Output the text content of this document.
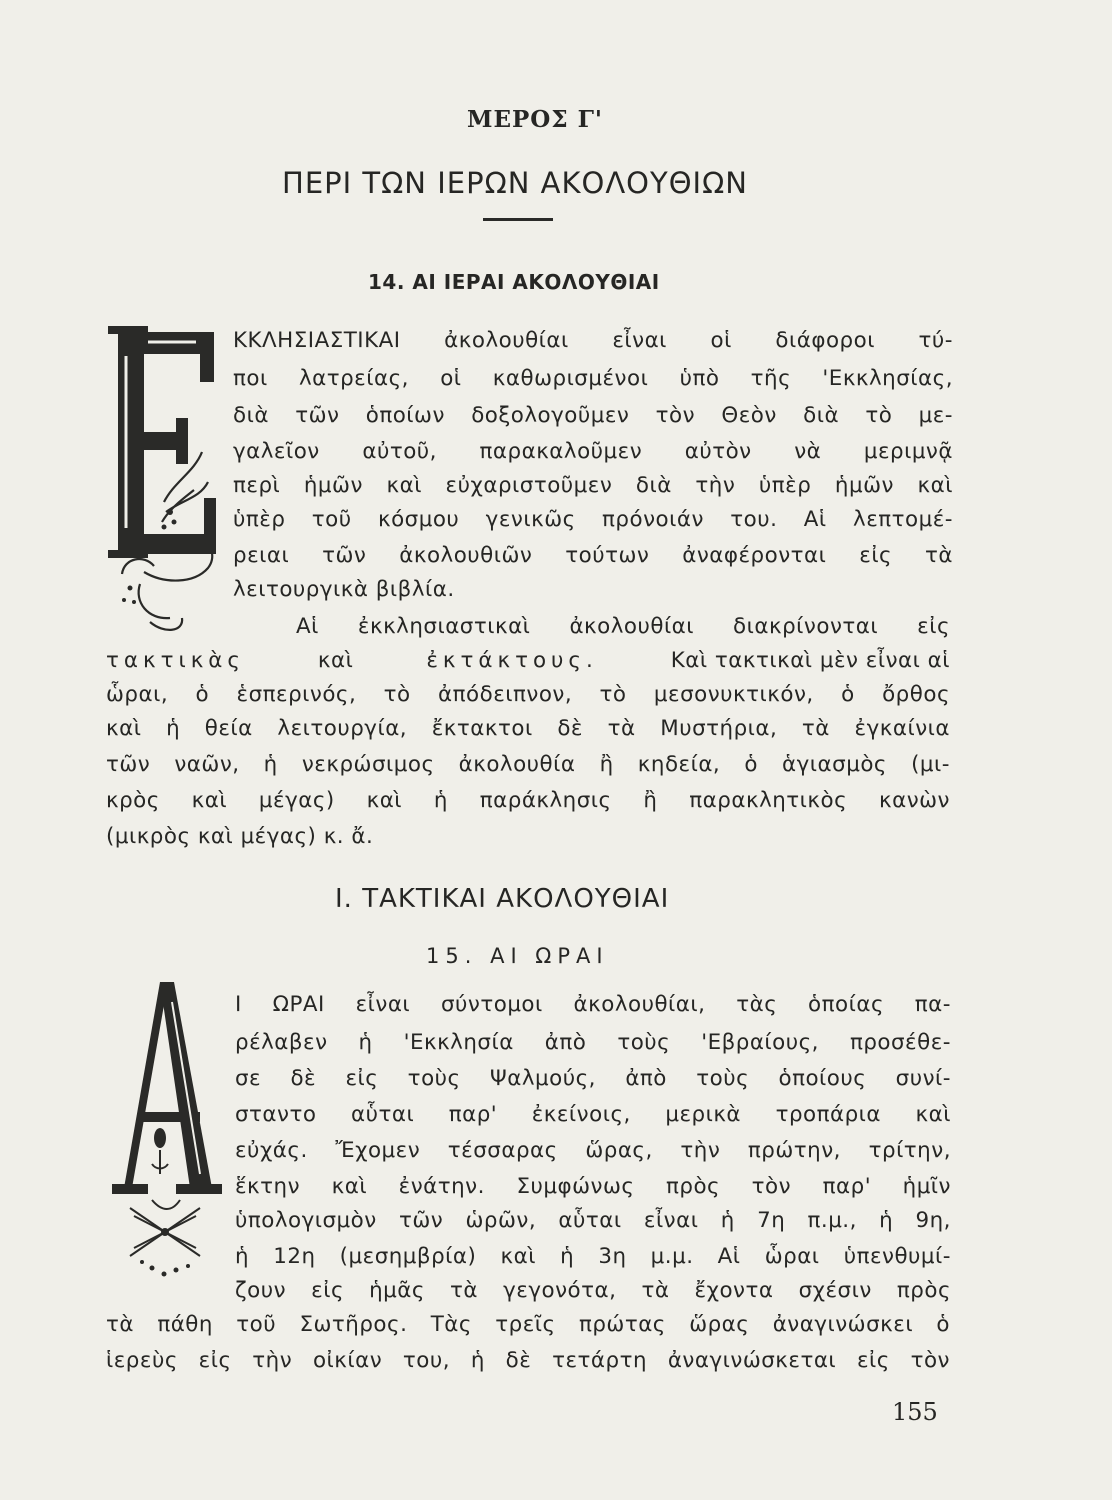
ΜΕΡΟΣ Γ'
ΠΕΡΙ ΤΩΝ ΙΕΡΩΝ ΑΚΟΛΟΥΘΙΩΝ
14. ΑΙ ΙΕΡΑΙ ΑΚΟΛΟΥΘΙΑΙ
ΚΚΛΗΣΙΑΣΤΙΚΑΙ ἀκολουθίαι εἶναι οἱ διάφοροι τύ-
ποι λατρείας, οἱ καθωρισμένοι ὑπὸ τῆς 'Εκκλησίας,
διὰ τῶν ὁποίων δοξολογοῦμεν τὸν Θεὸν διὰ τὸ με-
γαλεῖον αὐτοῦ, παρακαλοῦμεν αὐτὸν νὰ μεριμνᾷ
περὶ ἡμῶν καὶ εὐχαριστοῦμεν διὰ τὴν ὑπὲρ ἡμῶν καὶ
ὑπὲρ τοῦ κόσμου γενικῶς πρόνοιάν του. Αἱ λεπτομέ-
ρειαι τῶν ἀκολουθιῶν τούτων ἀναφέρονται εἰς τὰ
λειτουργικὰ βιβλία.
Αἱ ἐκκλησιαστικαὶ ἀκολουθίαι διακρίνονται εἰς
τακτικὰς	καὶ	ἐκτάκτους.	Καὶ τακτικαὶ μὲν εἶναι αἱ
ὧραι, ὁ ἑσπερινός, τὸ ἀπόδειπνον, τὸ μεσονυκτικόν, ὁ ὄρθος
καὶ ἡ θεία λειτουργία, ἔκτακτοι δὲ τὰ Μυστήρια, τὰ ἐγκαίνια
τῶν ναῶν, ἡ νεκρώσιμος ἀκολουθία ἢ κηδεία, ὁ ἁγιασμὸς (μι-
κρὸς καὶ μέγας) καὶ ἡ παράκλησις ἢ παρακλητικὸς κανὼν
(μικρὸς καὶ μέγας) κ. ἄ.
Ι. ΤΑΚΤΙΚΑΙ ΑΚΟΛΟΥΘΙΑΙ
15. ΑΙ ΩΡΑΙ
Ι ΩΡΑΙ εἶναι σύντομοι ἀκολουθίαι, τὰς ὁποίας πα-
ρέλαβεν ἡ 'Εκκλησία ἀπὸ τοὺς 'Εβραίους, προσέθε-
σε δὲ εἰς τοὺς Ψαλμούς, ἀπὸ τοὺς ὁποίους συνί-
σταντο αὗται παρ' ἐκείνοις, μερικὰ τροπάρια καὶ
εὐχάς. Ἔχομεν τέσσαρας ὥρας, τὴν πρώτην, τρίτην,
ἕκτην καὶ ἐνάτην. Συμφώνως πρὸς τὸν παρ' ἡμῖν
ὑπολογισμὸν τῶν ὡρῶν, αὗται εἶναι ἡ 7η π.μ., ἡ 9η,
ἡ 12η (μεσημβρία) καὶ ἡ 3η μ.μ. Αἱ ὧραι ὑπενθυμί-
ζουν εἰς ἡμᾶς τὰ γεγονότα, τὰ ἔχοντα σχέσιν πρὸς
τὰ πάθη τοῦ Σωτῆρος. Τὰς τρεῖς πρώτας ὥρας ἀναγινώσκει ὁ
ἱερεὺς εἰς τὴν οἰκίαν του, ἡ δὲ τετάρτη ἀναγινώσκεται εἰς τὸν
155
